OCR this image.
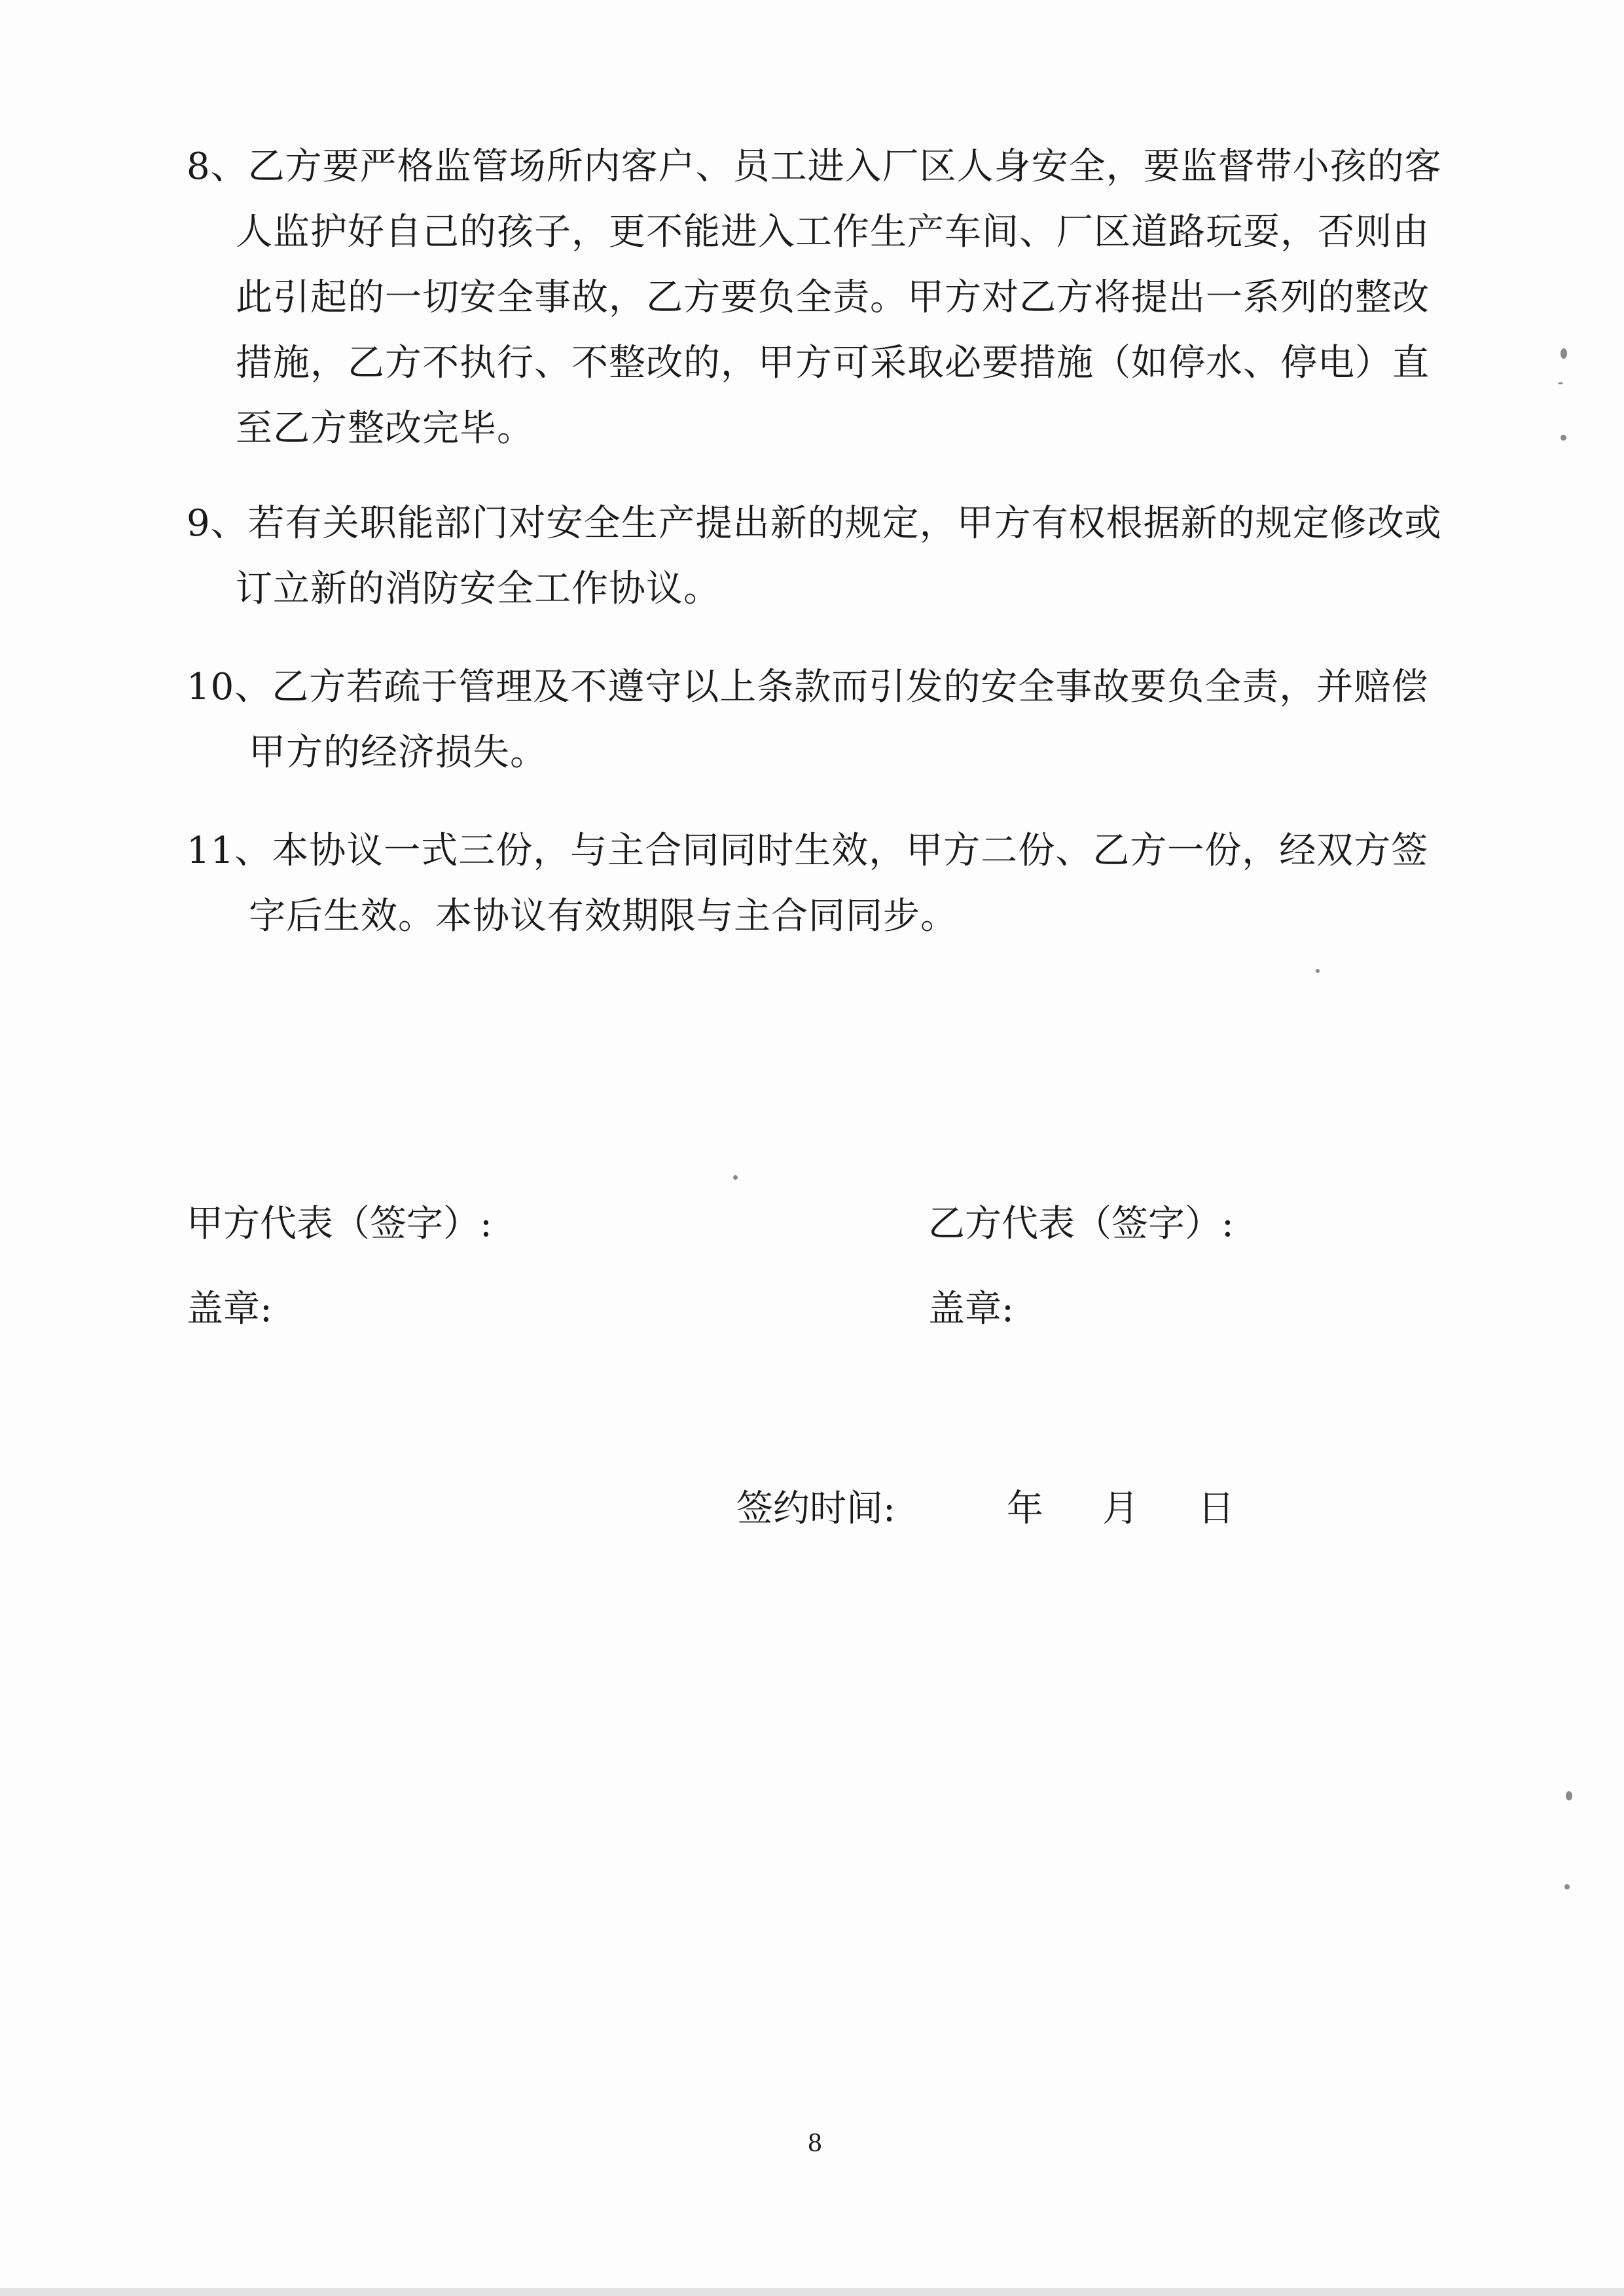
8、乙方要严格监管场所内客户、员工进入厂区人身安全，要监督带小孩的客
人监护好自己的孩子，更不能进入工作生产车间、厂区道路玩耍，否则由此引起的一切安全事故，乙方要负全责。甲方对乙方将提出一系列的整改措施，乙方不执行、不整改的，甲方可采取必要措施（如停水、停电）直至乙方整改完毕。
9、若有关职能部门对安全生产提出新的规定，甲方有权根据新的规定修改或
订立新的消防安全工作协议。
10、乙方若疏于管理及不遵守以上条款而引发的安全事故要负全责，并赔偿
甲方的经济损失。
11、本协议一式三份，与主合同同时生效，甲方二份、乙方一份，经双方签
字后生效。本协议有效期限与主合同同步。
甲方代表（签字）:
盖章:
乙方代表（签字）:
盖章:
签约时间:	年 月 日
8
